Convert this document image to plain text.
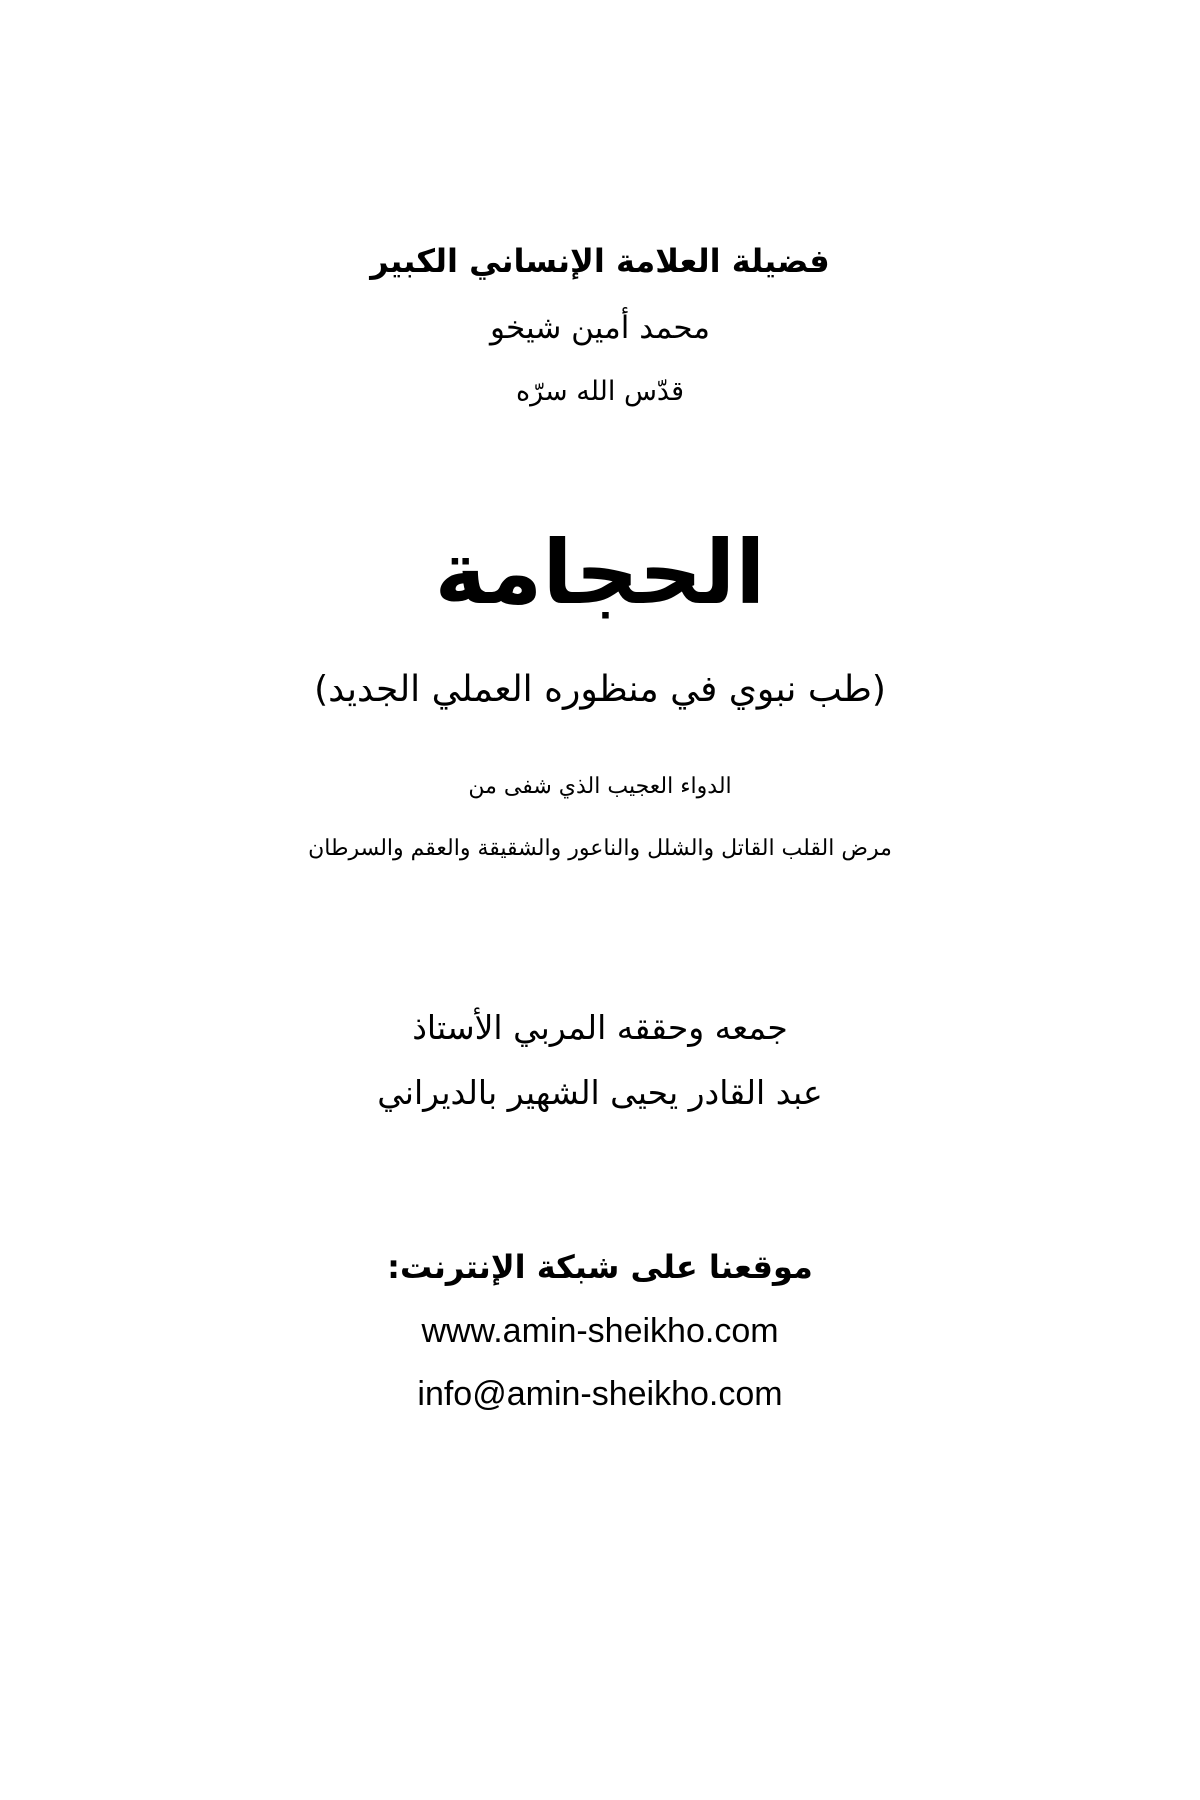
فضيلة العلامة الإنساني الكبير
محمد أمين شيخو
قدّس الله سرّه
الحجامة
(طب نبوي في منظوره العملي الجديد)
الدواء العجيب الذي شفى من
مرض القلب القاتل والشلل والناعور والشقيقة والعقم والسرطان
جمعه وحققه المربي الأستاذ
عبد القادر يحيى الشهير بالديراني
موقعنا على شبكة الإنترنت:
www.amin-sheikho.com
info@amin-sheikho.com
